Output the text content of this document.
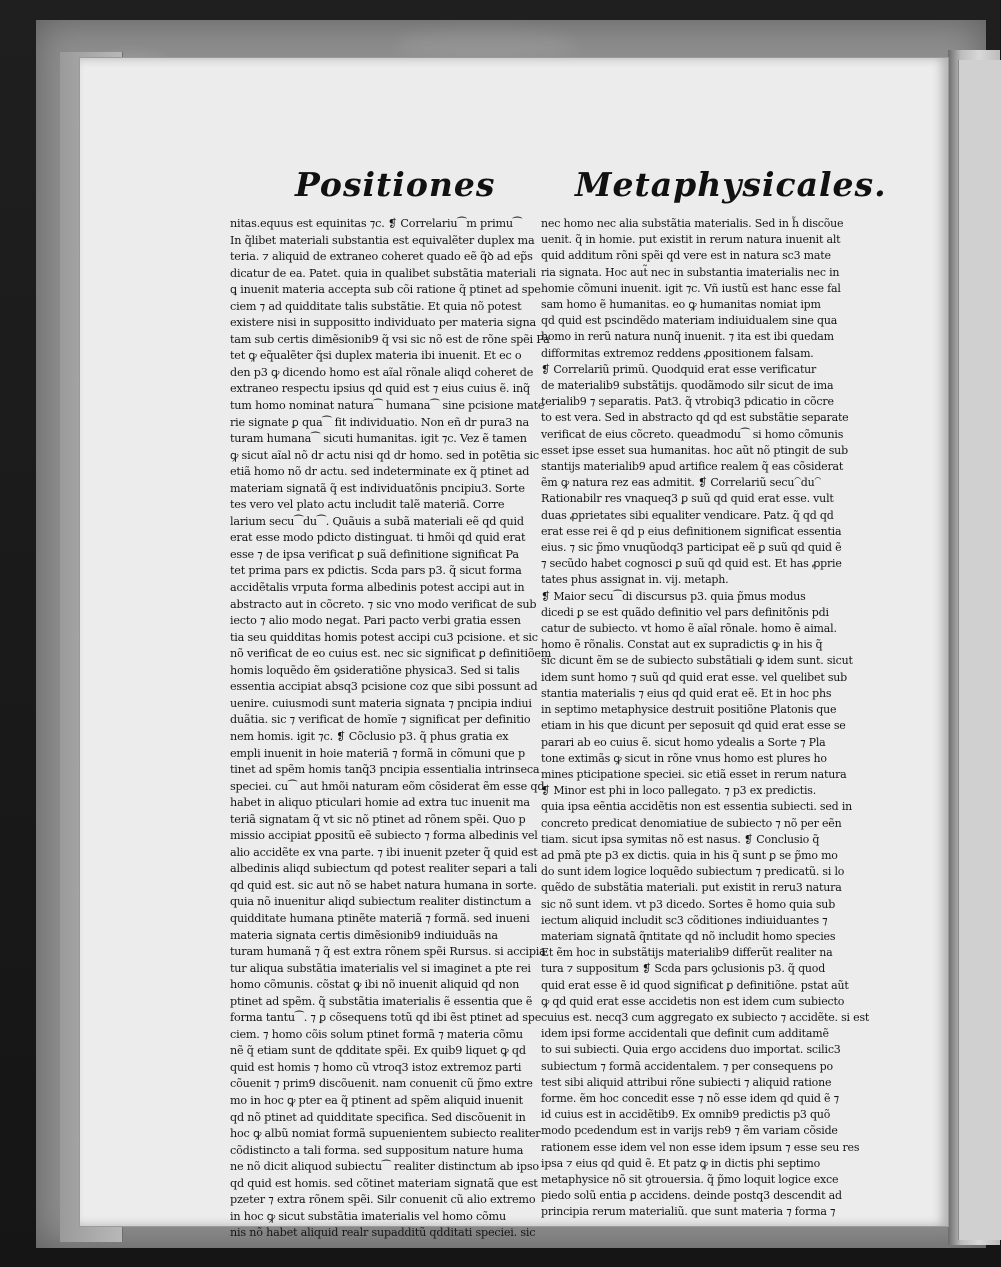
Positiones Metaphysicales.
nitas.equus est equinitas ⁊c. ❡ Correlariu⁀m primu⁀
In q̃libet materiali substantia est equivalẽter duplex ma
teria. ⁊ aliquid de extraneo coheret quado eẽ q̃ꝺ ad ep̃s
dicatur de ea. Patet. quia in qualibet substãtia materiali
ꝗ inuenit materia accepta sub cõi ratione q̃ ptinet ad spe
ciem ⁊ ad quidditate talis substãtie. Et quia nõ potest
existere nisi in suppositto individuato per materia signa
tam sub certis dimẽsionib9 q̃ vsi sic nõ est de rõne spẽi Pa
tet ꝙ eq̃ualẽter q̃si duplex materia ibi inuenit. Et ec o
den p3 ꝙ dicendo homo est aĩal rõnale aliqd coheret de
extraneo respectu ipsius qd quid est ⁊ eius cuius ẽ. inq̃
tum homo nominat natura⁀ humana⁀ sine pcisione mate
rie signate ꝑ qua⁀ fit individuatio. Non eñ dr pura3 na
turam humana⁀ sicuti humanitas. igit ⁊c. Vez ẽ tamen
ꝙ sicut aĩal nõ dr actu nisi qd dr homo. sed in potẽtia sic
etiã homo nõ dr actu. sed indeterminate ex q̃ ptinet ad
materiam signatã q̃ est individuatõnis pncipiu3. Sorte
tes vero vel plato actu includit talẽ materiã. Corre
larium secu⁀du⁀. Quãuis a subã materiali eẽ qd quid
erat esse modo pdicto distinguat. ti hmõi qd quid erat
esse ⁊ de ipsa verificat ꝑ suã definitione significat Pa
tet prima pars ex pdictis. Scda pars p3. q̃ sicut forma
accidẽtalis vrputa forma albedinis potest accipi aut in
abstracto aut in cõcreto. ⁊ sic vno modo verificat de sub
iecto ⁊ alio modo negat. Pari pacto verbi gratia essen
tia seu quidditas homis potest accipi cu3 pcisione. et sic
nõ verificat de eo cuius est. nec sic significat ꝑ definitiõem
homis loquẽdo ẽm ꝯsideratiõne physica3. Sed si talis
essentia accipiat absq3 pcisione coz que sibi possunt ad
uenire. cuiusmodi sunt materia signata ⁊ pncipia indiui
duãtia. sic ⁊ verificat de homĩe ⁊ significat per definitio
nem homis. igit ⁊c. ❡ Cõclusio p3. q̃ phus gratia ex
empli inuenit in hoie materiã ⁊ formã in cõmuni que p
tinet ad spẽm homis tanq̃3 pncipia essentialia intrinseca
speciei. cu⁀ aut hmõi naturam eõm cõsiderat ẽm esse qd
habet in aliquo pticulari homie ad extra tuc inuenit ma
teriã signatam q̃ vt sic nõ ptinet ad rõnem spẽi. Quo p
missio accipiat ꝑpositũ eẽ subiecto ⁊ forma albedinis vel
alio accidẽte ex vna parte. ⁊ ibi inuenit pzeter q̃ quid est
albedinis aliqd subiectum qd potest realiter separi a tali
qd quid est. sic aut nõ se habet natura humana in sorte.
quia nõ inuenitur aliqd subiectum realiter distinctum a
quidditate humana ptinẽte materiã ⁊ formã. sed inueni
materia signata certis dimẽsionib9 indiuiduãs na
turam humanã ⁊ q̃ est extra rõnem spẽi Rursus. si accipia
tur aliqua substãtia imaterialis vel si imaginet a pte rei
homo cõmunis. cõstat ꝙ ibi nõ inuenit aliquid qd non
ptinet ad spẽm. q̃ substãtia imaterialis ẽ essentia que ẽ
forma tantu⁀. ⁊ ꝑ cõsequens totũ qd ibi ẽst ptinet ad spe
ciem. ⁊ homo cõis solum ptinet formã ⁊ materia cõmu
nẽ q̃ etiam sunt de qdditate spẽi. Ex quib9 liquet ꝙ qd
quid est homis ⁊ homo cũ vtroq3 istoz extremoz parti
cõuenit ⁊ prim9 discõuenit. nam conuenit cũ p̃mo extre
mo in hoc ꝙ pter ea q̃ ptinent ad spẽm aliquid inuenit
qd nõ ptinet ad quidditate specifica. Sed discõuenit in
hoc ꝙ albũ nomiat formã supuenientem subiecto realiter
cõdistincto a tali forma. sed suppositum nature huma
ne nõ dicit aliquod subiectu⁀ realiter distinctum ab ipso
qd quid est homis. sed cõtinet materiam signatã que est
pzeter ⁊ extra rõnem spẽi. Silr conuenit cũ alio extremo
in hoc ꝙ sicut substãtia imaterialis vel homo cõmu
nis nõ habet aliquid realr supadditũ qdditati speciei. sic
nec homo nec alia substãtia materialis. Sed in h̃ discõue
uenit. q̃ in homie. put existit in rerum natura inuenit alt
quid additum rõni spẽi qd vere est in natura sc3 mate
ria signata. Hoc aut̃ nec in substantia imaterialis nec in
homie cõmuni inuenit. igit ⁊c. Vñ iustũ est hanc esse fal
sam homo ẽ humanitas. eo ꝙ humanitas nomiat ipm
qd quid est pscindẽdo materiam indiuidualem sine qua
homo in rerũ natura nunq̃ inuenit. ⁊ ita est ibi quedam
difformitas extremoz reddens ꝓpositionem falsam.
❡ Correlariũ primũ. Quodquid erat esse verificatur
de materialib9 substãtijs. quodãmodo silr sicut de ima
terialib9 ⁊ separatis. Pat3. q̃ vtrobiq3 pdicatio in cõcre
to est vera. Sed in abstracto qd qd est substãtie separate
verificat de eius cõcreto. queadmodu⁀ si homo cõmunis
esset ipse esset sua humanitas. hoc aũt nõ ptingit de sub
stantijs materialib9 apud artifice realem q̃ eas cõsiderat
ẽm ꝙ natura rez eas admitit. ❡ Correlariũ secu⁀du⁀
Rationabilr res vnaqueq3 ꝑ suũ qd quid erat esse. vult
duas ꝓprietates sibi equaliter vendicare. Patz. q̃ qd qd
erat esse rei ẽ qd p eius definitionem significat essentia
eius. ⁊ sic p̃mo vnuqũodq3 participat eẽ ꝑ suũ qd quid ẽ
⁊ secũdo habet cognosci ꝑ suũ qd quid est. Et has ꝓprie
tates phus assignat in. vij. metaph.
❡ Maior secu⁀di discursus p3. quia p̃mus modus
dicedi ꝑ se est quãdo definitio vel pars definitõnis pdi
catur de subiecto. vt homo ẽ aĩal rõnale. homo ẽ aimal.
homo ẽ rõnalis. Constat aut ex supradictis ꝙ in his q̃
sic dicunt ẽm se de subiecto substãtiali ꝙ idem sunt. sicut
idem sunt homo ⁊ suũ qd quid erat esse. vel quelibet sub
stantia materialis ⁊ eius qd quid erat eẽ. Et in hoc phs
in septimo metaphysice destruit positiõne Platonis que
etiam in his que dicunt per seposuit qd quid erat esse se
parari ab eo cuius ẽ. sicut homo ydealis a Sorte ⁊ Pla
tone extimãs ꝙ sicut in rõne vnus homo est plures ho
mines pticipatione speciei. sic etiã esset in rerum natura
❡ Minor est phi in loco pallegato. ⁊ p3 ex predictis.
quia ipsa eẽntia accidẽtis non est essentia subiecti. sed in
concreto predicat denomiatiue de subiecto ⁊ nõ per eẽn
tiam. sicut ipsa symitas nõ est nasus. ❡ Conclusio q̃
ad pmã pte p3 ex dictis. quia in his q̃ sunt ꝑ se p̃mo mo
do sunt idem logice loquẽdo subiectum ⁊ predicatũ. si lo
quẽdo de substãtia materiali. put existit in reru3 natura
sic nõ sunt idem. vt p3 dicedo. Sortes ẽ homo quia sub
iectum aliquid includit sc3 cõditiones indiuiduantes ⁊
materiam signatã q̃ntitate qd nõ includit homo species
Et ẽm hoc in substãtijs materialib9 differũt realiter na
tura ⁊ suppositum ❡ Scda pars ꝯclusionis p3. q̃ quod
quid erat esse ẽ id quod significat ꝑ definitiõne. pstat aũt
ꝙ qd quid erat esse accidetis non est idem cum subiecto
cuius est. necq3 cum aggregato ex subiecto ⁊ accidẽte. si est
idem ipsi forme accidentali que definit cum additamẽ
to sui subiecti. Quia ergo accidens duo importat. scilic3
subiectum ⁊ formã accidentalem. ⁊ per consequens po
test sibi aliquid attribui rõne subiecti ⁊ aliquid ratione
forme. ẽm hoc concedit esse ⁊ nõ esse idem qd quid ẽ ⁊
id cuius est in accidẽtib9. Ex omnib9 predictis p3 quõ
modo pcedendum est in varijs reb9 ⁊ ẽm variam cõside
rationem esse idem vel non esse idem ipsum ⁊ esse seu res
ipsa ⁊ eius qd quid ẽ. Et patz ꝙ in dictis phi septimo
metaphysice nõ sit ꝯtrouersia. q̃ p̃mo loquit logice exce
piedo solũ entia ꝑ accidens. deinde postq3 descendit ad
principia rerum materialiũ. que sunt materia ⁊ forma ⁊
